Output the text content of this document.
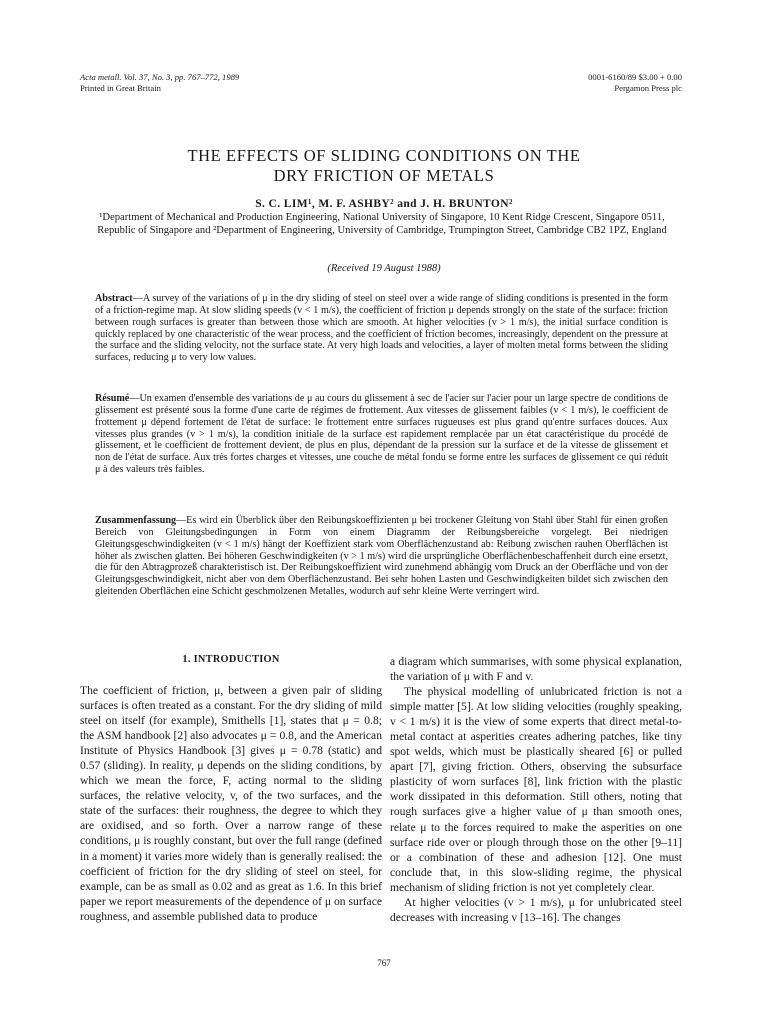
Acta metall. Vol. 37, No. 3, pp. 767–772, 1989
Printed in Great Britain
0001-6160/89 $3.00 + 0.00
Pergamon Press plc
THE EFFECTS OF SLIDING CONDITIONS ON THE
DRY FRICTION OF METALS
S. C. LIM¹, M. F. ASHBY² and J. H. BRUNTON²
¹Department of Mechanical and Production Engineering, National University of Singapore, 10 Kent Ridge Crescent, Singapore 0511, Republic of Singapore and ²Department of Engineering, University of Cambridge, Trumpington Street, Cambridge CB2 1PZ, England
(Received 19 August 1988)
Abstract—A survey of the variations of μ in the dry sliding of steel on steel over a wide range of sliding conditions is presented in the form of a friction-regime map. At slow sliding speeds (v < 1 m/s), the coefficient of friction μ depends strongly on the state of the surface: friction between rough surfaces is greater than between those which are smooth. At higher velocities (v > 1 m/s), the initial surface condition is quickly replaced by one characteristic of the wear process, and the coefficient of friction becomes, increasingly, dependent on the pressure at the surface and the sliding velocity, not the surface state. At very high loads and velocities, a layer of molten metal forms between the sliding surfaces, reducing μ to very low values.
Résumé—Un examen d'ensemble des variations de μ au cours du glissement à sec de l'acier sur l'acier pour un large spectre de conditions de glissement est présenté sous la forme d'une carte de régimes de frottement. Aux vitesses de glissement faibles (v < 1 m/s), le coefficient de frottement μ dépend fortement de l'état de surface: le frottement entre surfaces rugueuses est plus grand qu'entre surfaces douces. Aux vitesses plus grandes (v > 1 m/s), la condition initiale de la surface est rapidement remplacée par un état caractéristique du procédé de glissement, et le coefficient de frottement devient, de plus en plus, dépendant de la pression sur la surface et de la vitesse de glissement et non de l'état de surface. Aux très fortes charges et vitesses, une couche de métal fondu se forme entre les surfaces de glissement ce qui réduit μ à des valeurs très faibles.
Zusammenfassung—Es wird ein Überblick über den Reibungskoeffizienten μ bei trockener Gleitung von Stahl über Stahl für einen großen Bereich von Gleitungsbedingungen in Form von einem Diagramm der Reibungsbereiche vorgelegt. Bei niedrigen Gleitungsgeschwindigkeiten (v < 1 m/s) hängt der Koeffizient stark vom Oberflächenzustand ab: Reibung zwischen rauhen Oberflächen ist höher als zwischen glatten. Bei höheren Geschwindigkeiten (v > 1 m/s) wird die ursprüngliche Oberflächenbeschaffenheit durch eine ersetzt, die für den Abtragprozeß charakteristisch ist. Der Reibungskoeffizient wird zunehmend abhängig vom Druck an der Oberfläche und von der Gleitungsgeschwindigkeit, nicht aber von dem Oberflächenzustand. Bei sehr hohen Lasten und Geschwindigkeiten bildet sich zwischen den gleitenden Oberflächen eine Schicht geschmolzenen Metalles, wodurch auf sehr kleine Werte verringert wird.
1. INTRODUCTION

The coefficient of friction, μ, between a given pair of sliding surfaces is often treated as a constant. For the dry sliding of mild steel on itself (for example), Smithells [1], states that μ = 0.8; the ASM handbook [2] also advocates μ = 0.8, and the American Institute of Physics Handbook [3] gives μ = 0.78 (static) and 0.57 (sliding). In reality, μ depends on the sliding conditions, by which we mean the force, F, acting normal to the sliding surfaces, the relative velocity, v, of the two surfaces, and the state of the surfaces: their roughness, the degree to which they are oxidised, and so forth. Over a narrow range of these conditions, μ is roughly constant, but over the full range (defined in a moment) it varies more widely than is generally realised: the coefficient of friction for the dry sliding of steel on steel, for example, can be as small as 0.02 and as great as 1.6. In this brief paper we report measurements of the dependence of μ on surface roughness, and assemble published data to produce

a diagram which summarises, with some physical explanation, the variation of μ with F and v.

The physical modelling of unlubricated friction is not a simple matter [5]. At low sliding velocities (roughly speaking, v < 1 m/s) it is the view of some experts that direct metal-to-metal contact at asperities creates adhering patches, like tiny spot welds, which must be plastically sheared [6] or pulled apart [7], giving friction. Others, observing the subsurface plasticity of worn surfaces [8], link friction with the plastic work dissipated in this deformation. Still others, noting that rough surfaces give a higher value of μ than smooth ones, relate μ to the forces required to make the asperities on one surface ride over or plough through those on the other [9–11] or a combination of these and adhesion [12]. One must conclude that, in this slow-sliding regime, the physical mechanism of sliding friction is not yet completely clear.

At higher velocities (v > 1 m/s), μ for unlubricated steel decreases with increasing v [13–16]. The changes

767
